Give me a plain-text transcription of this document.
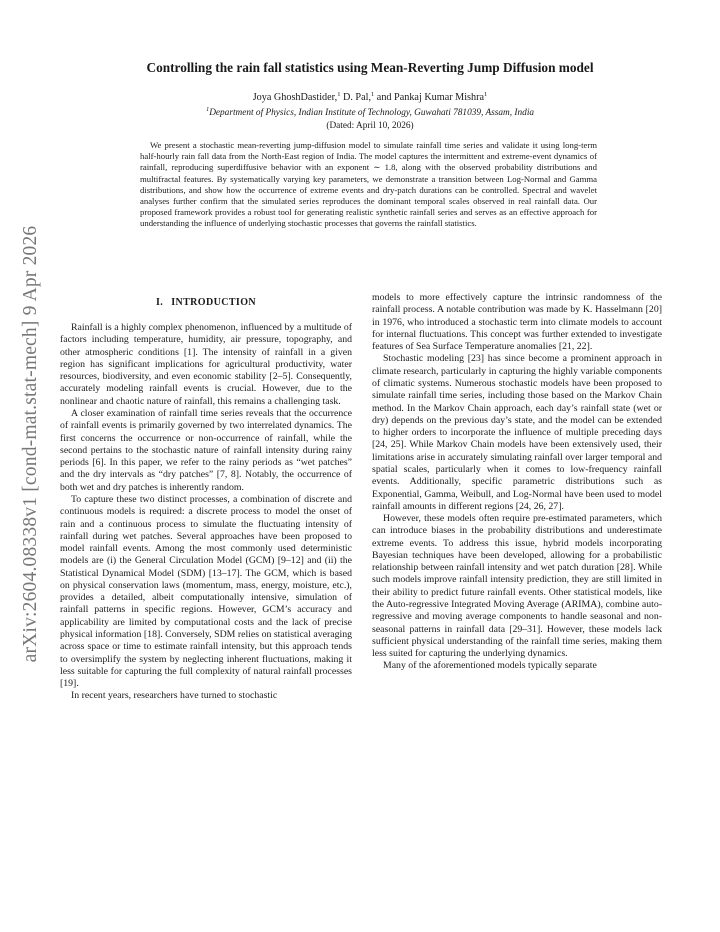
arXiv:2604.08338v1 [cond-mat.stat-mech] 9 Apr 2026
Controlling the rain fall statistics using Mean-Reverting Jump Diffusion model
Joya GhoshDastider,$^1$ D. Pal,$^1$ and Pankaj Kumar Mishra$^1$
$^1$Department of Physics, Indian Institute of Technology, Guwahati 781039, Assam, India
(Dated: April 10, 2026)
We present a stochastic mean-reverting jump-diffusion model to simulate rainfall time series and validate it using long-term half-hourly rain fall data from the North-East region of India. The model captures the intermittent and extreme-event dynamics of rainfall, reproducing superdiffusive behavior with an exponent ∼ 1.8, along with the observed probability distributions and multifractal features. By systematically varying key parameters, we demonstrate a transition between Log-Normal and Gamma distributions, and show how the occurrence of extreme events and dry-patch durations can be controlled. Spectral and wavelet analyses further confirm that the simulated series reproduces the dominant temporal scales observed in real rainfall data. Our proposed framework provides a robust tool for generating realistic synthetic rainfall series and serves as an effective approach for understanding the influence of underlying stochastic processes that governs the rainfall statistics.
I. INTRODUCTION

Rainfall is a highly complex phenomenon, influenced by a multitude of factors including temperature, humidity, air pressure, topography, and other atmospheric conditions [1]. The intensity of rainfall in a given region has significant implications for agricultural productivity, water resources, biodiversity, and even economic stability [2–5]. Consequently, accurately modeling rainfall events is crucial. However, due to the nonlinear and chaotic nature of rainfall, this remains a challenging task.

A closer examination of rainfall time series reveals that the occurrence of rainfall events is primarily governed by two interrelated dynamics. The first concerns the occurrence or non-occurrence of rainfall, while the second pertains to the stochastic nature of rainfall intensity during rainy periods [6]. In this paper, we refer to the rainy periods as “wet patches” and the dry intervals as “dry patches” [7, 8]. Notably, the occurrence of both wet and dry patches is inherently random.

To capture these two distinct processes, a combination of discrete and continuous models is required: a discrete process to model the onset of rain and a continuous process to simulate the fluctuating intensity of rainfall during wet patches. Several approaches have been proposed to model rainfall events. Among the most commonly used deterministic models are (i) the General Circulation Model (GCM) [9–12] and (ii) the Statistical Dynamical Model (SDM) [13–17]. The GCM, which is based on physical conservation laws (momentum, mass, energy, moisture, etc.), provides a detailed, albeit computationally intensive, simulation of rainfall patterns in specific regions. However, GCM’s accuracy and applicability are limited by computational costs and the lack of precise physical information [18]. Conversely, SDM relies on statistical averaging across space or time to estimate rainfall intensity, but this approach tends to oversimplify the system by neglecting inherent fluctuations, making it less suitable for capturing the full complexity of natural rainfall processes [19].

In recent years, researchers have turned to stochastic

models to more effectively capture the intrinsic randomness of the rainfall process. A notable contribution was made by K. Hasselmann [20] in 1976, who introduced a stochastic term into climate models to account for internal fluctuations. This concept was further extended to investigate features of Sea Surface Temperature anomalies [21, 22].

Stochastic modeling [23] has since become a prominent approach in climate research, particularly in capturing the highly variable components of climatic systems. Numerous stochastic models have been proposed to simulate rainfall time series, including those based on the Markov Chain method. In the Markov Chain approach, each day’s rainfall state (wet or dry) depends on the previous day’s state, and the model can be extended to higher orders to incorporate the influence of multiple preceding days [24, 25]. While Markov Chain models have been extensively used, their limitations arise in accurately simulating rainfall over larger temporal and spatial scales, particularly when it comes to low-frequency rainfall events. Additionally, specific parametric distributions such as Exponential, Gamma, Weibull, and Log-Normal have been used to model rainfall amounts in different regions [24, 26, 27].

However, these models often require pre-estimated parameters, which can introduce biases in the probability distributions and underestimate extreme events. To address this issue, hybrid models incorporating Bayesian techniques have been developed, allowing for a probabilistic relationship between rainfall intensity and wet patch duration [28]. While such models improve rainfall intensity prediction, they are still limited in their ability to predict future rainfall events. Other statistical models, like the Auto-regressive Integrated Moving Average (ARIMA), combine auto-regressive and moving average components to handle seasonal and non-seasonal patterns in rainfall data [29–31]. However, these models lack sufficient physical understanding of the rainfall time series, making them less suited for capturing the underlying dynamics.

Many of the aforementioned models typically separate
